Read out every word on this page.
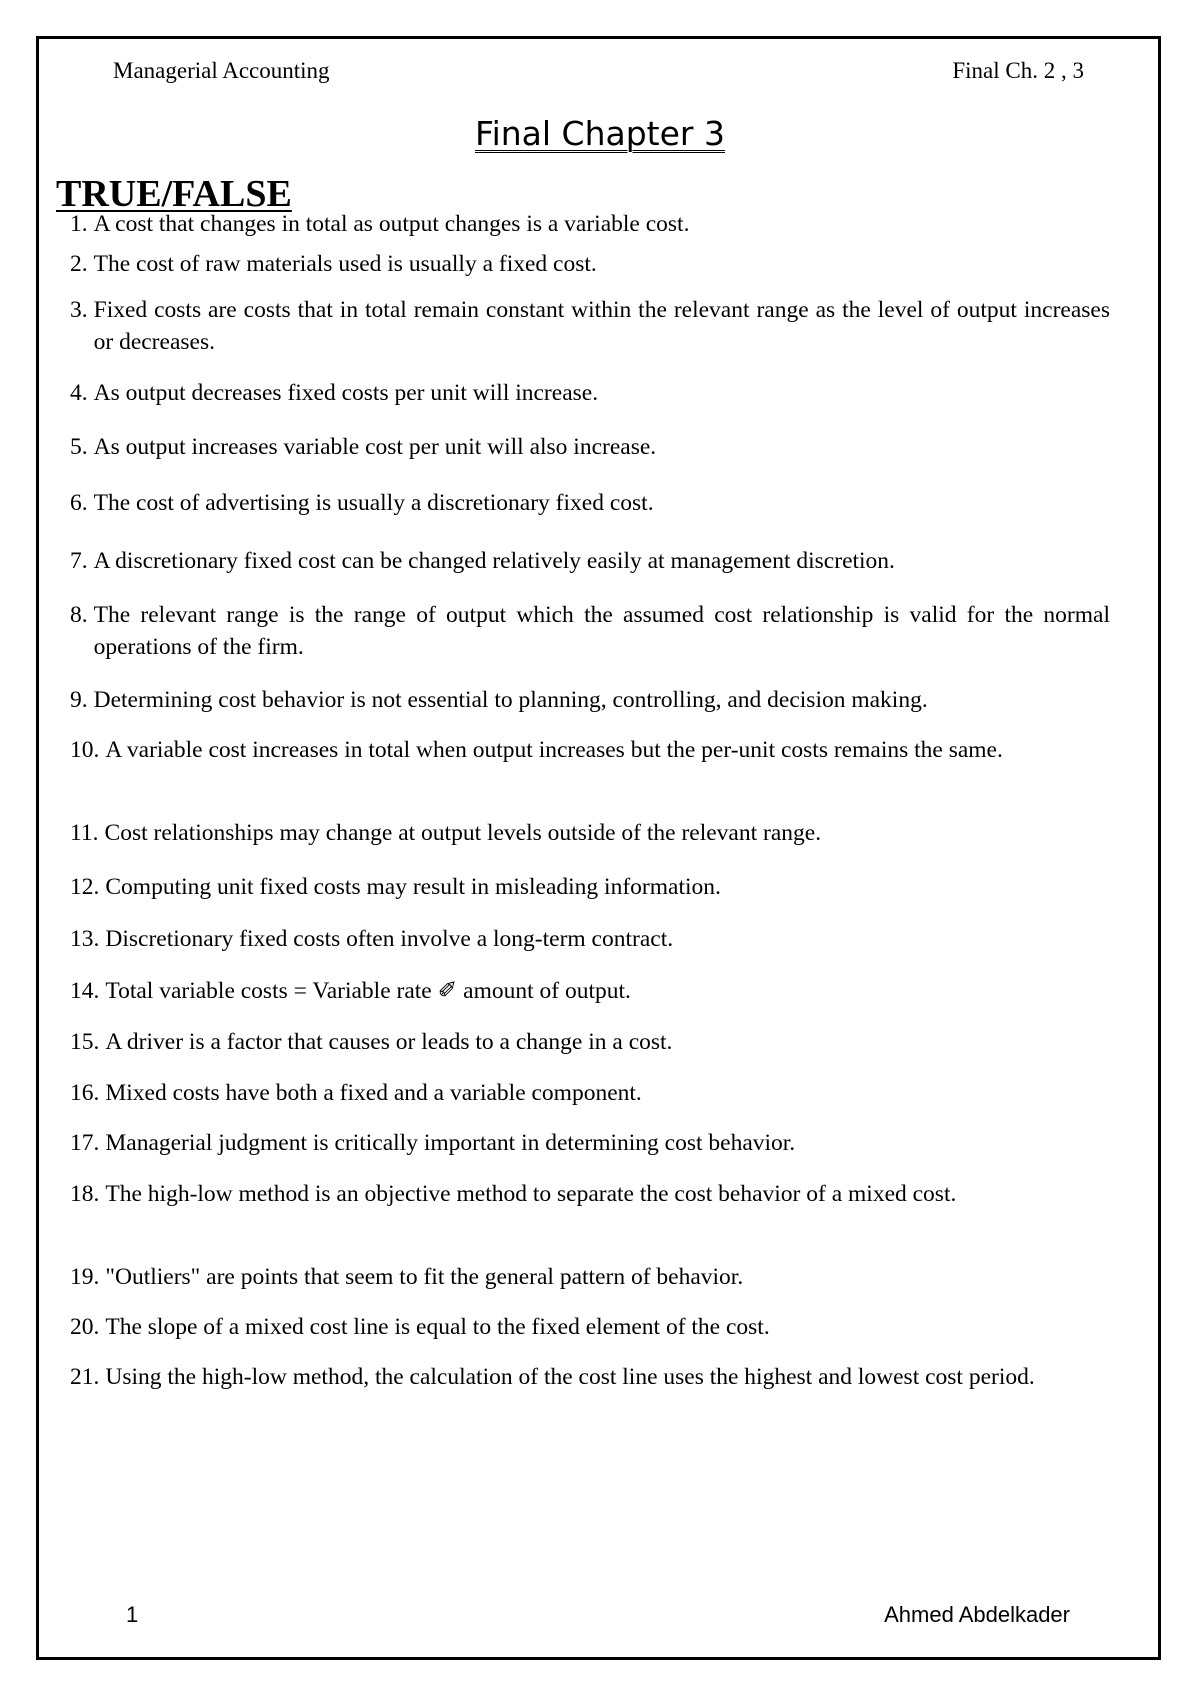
Managerial Accounting	Final Ch. 2 , 3
Final Chapter 3
TRUE/FALSE
1. A cost that changes in total as output changes is a variable cost.
2. The cost of raw materials used is usually a fixed cost.
3. Fixed costs are costs that in total remain constant within the relevant range as the level of output increases or decreases.
4. As output decreases fixed costs per unit will increase.
5. As output increases variable cost per unit will also increase.
6. The cost of advertising is usually a discretionary fixed cost.
7. A discretionary fixed cost can be changed relatively easily at management discretion.
8. The relevant range is the range of output which the assumed cost relationship is valid for the normal operations of the firm.
9. Determining cost behavior is not essential to planning, controlling, and decision making.
10. A variable cost increases in total when output increases but the per-unit costs remains the same.
11. Cost relationships may change at output levels outside of the relevant range.
12. Computing unit fixed costs may result in misleading information.
13. Discretionary fixed costs often involve a long-term contract.
14. Total variable costs = Variable rate ✐ amount of output.
15. A driver is a factor that causes or leads to a change in a cost.
16. Mixed costs have both a fixed and a variable component.
17. Managerial judgment is critically important in determining cost behavior.
18. The high-low method is an objective method to separate the cost behavior of a mixed cost.
19. "Outliers" are points that seem to fit the general pattern of behavior.
20. The slope of a mixed cost line is equal to the fixed element of the cost.
21. Using the high-low method, the calculation of the cost line uses the highest and lowest cost period.
1	Ahmed Abdelkader
